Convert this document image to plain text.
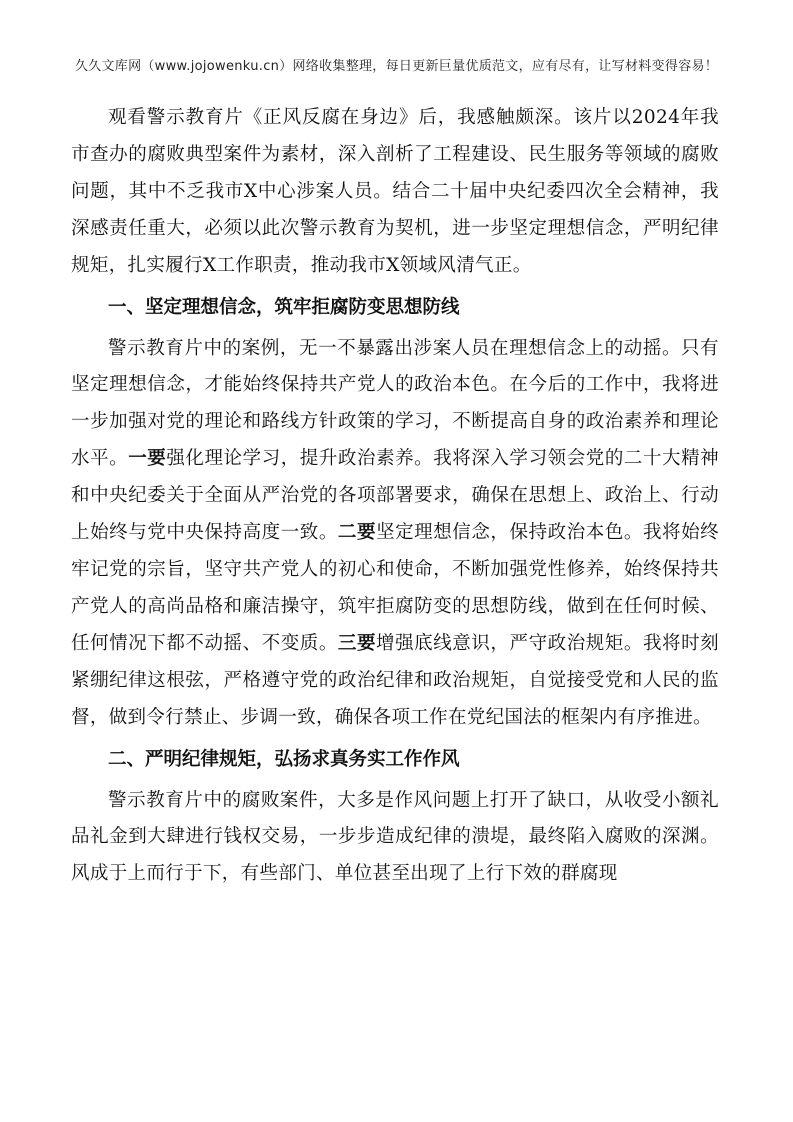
久久文库网（www.jojowenku.cn）网络收集整理，每日更新巨量优质范文，应有尽有，让写材料变得容易！

观看警示教育片《正风反腐在身边》后，我感触颇深。该片以2024年我市查办的腐败典型案件为素材，深入剖析了工程建设、民生服务等领域的腐败问题，其中不乏我市X中心涉案人员。结合二十届中央纪委四次全会精神，我深感责任重大，必须以此次警示教育为契机，进一步坚定理想信念，严明纪律规矩，扎实履行X工作职责，推动我市X领域风清气正。

一、坚定理想信念，筑牢拒腐防变思想防线

警示教育片中的案例，无一不暴露出涉案人员在理想信念上的动摇。只有坚定理想信念，才能始终保持共产党人的政治本色。在今后的工作中，我将进一步加强对党的理论和路线方针政策的学习，不断提高自身的政治素养和理论水平。一要强化理论学习，提升政治素养。我将深入学习领会党的二十大精神和中央纪委关于全面从严治党的各项部署要求，确保在思想上、政治上、行动上始终与党中央保持高度一致。二要坚定理想信念，保持政治本色。我将始终牢记党的宗旨，坚守共产党人的初心和使命，不断加强党性修养，始终保持共产党人的高尚品格和廉洁操守，筑牢拒腐防变的思想防线，做到在任何时候、任何情况下都不动摇、不变质。三要增强底线意识，严守政治规矩。我将时刻紧绷纪律这根弦，严格遵守党的政治纪律和政治规矩，自觉接受党和人民的监督，做到令行禁止、步调一致，确保各项工作在党纪国法的框架内有序推进。

二、严明纪律规矩，弘扬求真务实工作作风

警示教育片中的腐败案件，大多是作风问题上打开了缺口，从收受小额礼品礼金到大肆进行钱权交易，一步步造成纪律的溃堤，最终陷入腐败的深渊。风成于上而行于下，有些部门、单位甚至出现了上行下效的群腐现
